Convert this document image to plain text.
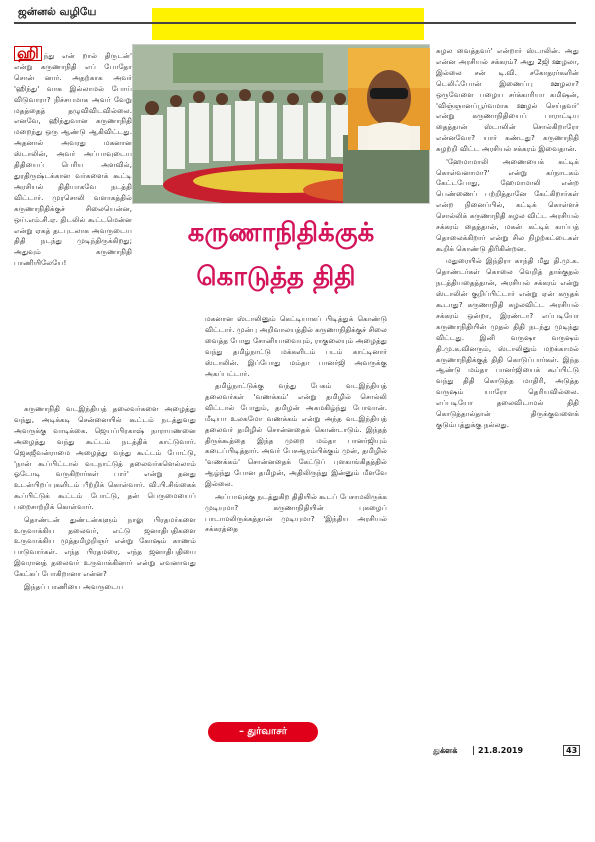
ஜன்னல் வழியே
கருணாநிதிக்குக்
கொடுத்த திதி

ஹி ந்து என் றால் திருடன்' என்று கருணாநிதி எப் போதோ சொன் னார். அதற்காக அவர் 'ஹிந்து' வாக இல்லாமல் போய் விடுவாரா? நிச்சயமாக அவர் வேறு மதத்தைத் தழுவிவிடவில்லை. எனவே, ஹிந்துவான கருணாநிதி மறைந்து ஒரு ஆண்டு ஆகிவிட்டது. அதனால் அவரது மகனான ஸ்டாலின், அவர் அப்பாவுடைய திதியைப் பெரிய அளவில், துரதிருஷ்டக்கான வர்களைக் கூட்டி அரசியல் திதியாகவே நடத்தி விட்டார். முரசொலி வளாகத்தில் கருணாநிதிக்குச் சிலையென்ன, ஒய்.எம்.சி.ஏ. திடலில் கூட்டமென்ன என்று ஏகத் தடபுடலாக அவருடைய திதி நடந்து முடிந்திருக்கிறது; அதுவும் கருணாநிதி பாணியிலேயே!

கருணாநிதி வடஇந்தியத் தலைவர்களை அழைத்து வந்து, அடிக்கடி சென்னையில் கூட்டம் நடத்துவது அவருக்கு வாடிக்கை. ஜெயப்பிரகாஷ் நாராயணனை அழைத்து வந்து கூட்டம் நடத்திக் காட்டுவார். ஜெகஜீவன்ராமை அழைத்து வந்து கூட்டம் போட்டு, 'நான் கூப்பிட்டால் வடநாட்டுத் தலைவர்களெல்லாம் ஓடோடி வருகிறார்கள் பார்' என்று தனது உடன்பிறப்புகளிடம் பீற்றிக் கொள்வார். வி.பி.சிங்கைக் கூப்பிட்டுக் கூட்டம் போட்டு, தன் பெருமையைப் பறைசாற்றிக் கொள்வார்.

தொண்டன் துண்டன்களும் நாலு பிரதமர்களை உருவாக்கிய தலைவர், எட்டு ஜனாதிபதிகளை உருவாக்கிய முத்தமிழறிஞர் என்று கோஷம் காணம் பாடுவார்கள். எந்த பிரதமரை, எந்த ஜனாதிபதியை இவரானத் தலைவர் உருவாக்கினார் என்று எவனாவது கேட்கப் போகிறானா என்ன?

இந்தப் பாணியை அவருடைய

மகனான ஸ்டாலினும் கெட்டியாகப் பிடித்துக் கொண்டு விட்டார். முன்பு அறிவாலயத்தில் கருணாநிதிக்குச் சிலை வைத்த போது சோனியாவையும், ராகுலையும் அழைத்து வந்து தமிழ்நாட்டு மக்களிடம் படம் காட்டினார் ஸ்டாலின். இப்போது மம்தா பானர்ஜி அவருக்கு அகப்பட்டார்.

தமிழ்நாட்டுக்கு வந்து பேசும் வடஇந்தியத் தலைவர்கள் 'வணக்கம்' என்று தமிழில் சொல்லி விட்டால் போதும், தமிழன் அகமகிழ்ந்து போவான். மீடியா உலகமோ வணக்கம் என்று அந்த வடஇந்தியத் தலைவர் தமிழில் சொன்னதைக் கொண்டாடும். இந்தத் திருக்கூத்தை இந்த முறை மம்தா பானர்ஜியும் கடைப்பிடித்தார். அவர் பேசஆரம்பிக்கும் முன், தமிழில் 'வணக்கம்' சொன்னதைக் கேட்டுப் புளகாங்கிதத்தில் ஆழ்ந்து போன தமிழன், அதிலிருந்து இன்னும் மீளவே இல்லை.

அப்பாவுக்கு நடத்துகிற திதியில் கூடப் பேசாமலிருக்க முடியுமா? கருணாநிதியின் புகழைப் பாடாமலிருக்கத்தான் முடியுமா? 'இந்திய அரசியல் சக்கரத்தை

சுழல வைத்தவர்' என்றார் ஸ்டாலின். அது என்ன அரசியல் சக்கரம்? அது 2ஜி ஊழலா, இல்லை சன் டி.வி. சகோதரர்களின் டெலிஃபோன் இணைப்பு ஊழலா? ஒருவேளை பழைய சர்க்காரியா கமிஷன், 'விஞ்ஞானப்பூர்வமாக ஊழல் செய்தவர்' என்று கருணாநிதியைப் பாராட்டிய தைத்தான் ஸ்டாலின் சொல்கிறாரோ என்னவோ? யார் கண்டது? கருணாநிதி சுழற்றி விட்ட அரசியல் சக்கரம் இவைதான்.

'ஹேமாமாலி அணையைக் கட்டிக் கொள்வனாமா?' என்று கர்நாடகம் கேட்டபோது, ஹேமாமாலி என்ற பெண்ணைப் பற்றித்தானே கேட்கிறார்கள் என்ற நினைப்பில், கட்டிக் கொள்ளச் சொல்லிக் கருணாநிதி சுழல விட்ட அரசியல் சக்கரம் தைத்தான், மகன் கட்டிக் காப்பத் தொலைக்கிறார் என்று சில நிழற்கட்டைகள் கூறிக் கொண்டு திரிகின்றன.

மதுரையில் இந்திரா காந்தி மீது தி.மு.க. தொண்டர்கள் கொலை வெறித் தாக்குதல் நடத்தியதைத்தான், அரசியல் சக்கரம் என்று ஸ்டாலின் குறிப்பிட்டார் என்று ஏன் கருதக் கூடாது? கருணாநிதி சுழலவிட்ட அரசியல் சக்கரம் ஒன்றா, இரண்டா? எப்படியோ கருணாநிதியின் முதல் திதி நடந்து முடிந்து விட்டது. இனி வருஷா வருஷம் தி.மு.க.வினரும், ஸ்டாலினும் மறக்காமல் கருணாநிதிக்குத் திதி கொடுப்பார்கள். இந்த ஆண்டு மம்தா பானர்ஜியைக் கூப்பிட்டு வந்து திதி கொடுத்த மாதிரி, அடுத்த வருஷம் யாரோ தெரியவில்லை. எப்படியோ தலைவிடாமல் திதி கொடுத்தால்தான் திருக்குவளைக் குடும்பத்துக்கு நல்லது.

– துர்வாசர்
துக்ளக்	21.8.2019	43
